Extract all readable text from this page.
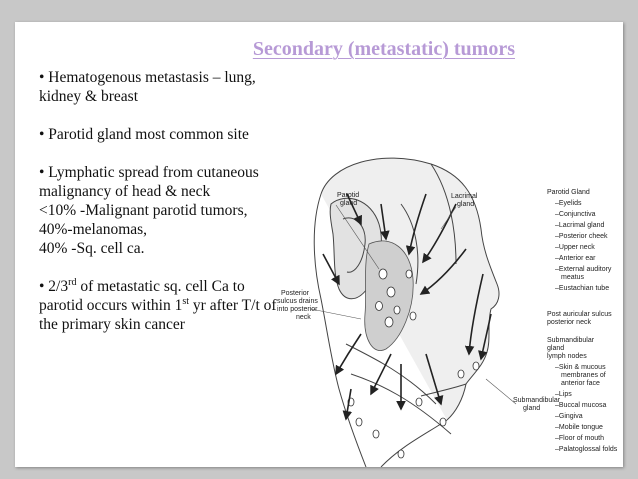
Secondary (metastatic) tumors

• Hematogenous metastasis – lung, kidney & breast

• Parotid gland most common site

• Lymphatic spread from cutaneous malignancy of head & neck

<10% -Malignant parotid tumors,

40%-melanomas,

40% -Sq. cell ca.

• 2/3rd of metastatic sq. cell Ca to parotid occurs within 1st yr after T/t of the primary skin cancer

Parotid
gland
Lacrimal
gland
Posterior
sulcus drains
into posterior
neck
Submandibular
gland
Parotid Gland
–Eyelids
–Conjunctiva
–Lacrimal gland
–Posterior cheek
–Upper neck
–Anterior ear
–External auditory
meatus
–Eustachian tube
Post auricular sulcus
posterior neck
Submandibular
gland
lymph nodes
–Skin & mucous
membranes of
anterior face
–Lips
–Buccal mucosa
–Gingiva
–Mobile tongue
–Floor of mouth
–Palatoglossal folds
